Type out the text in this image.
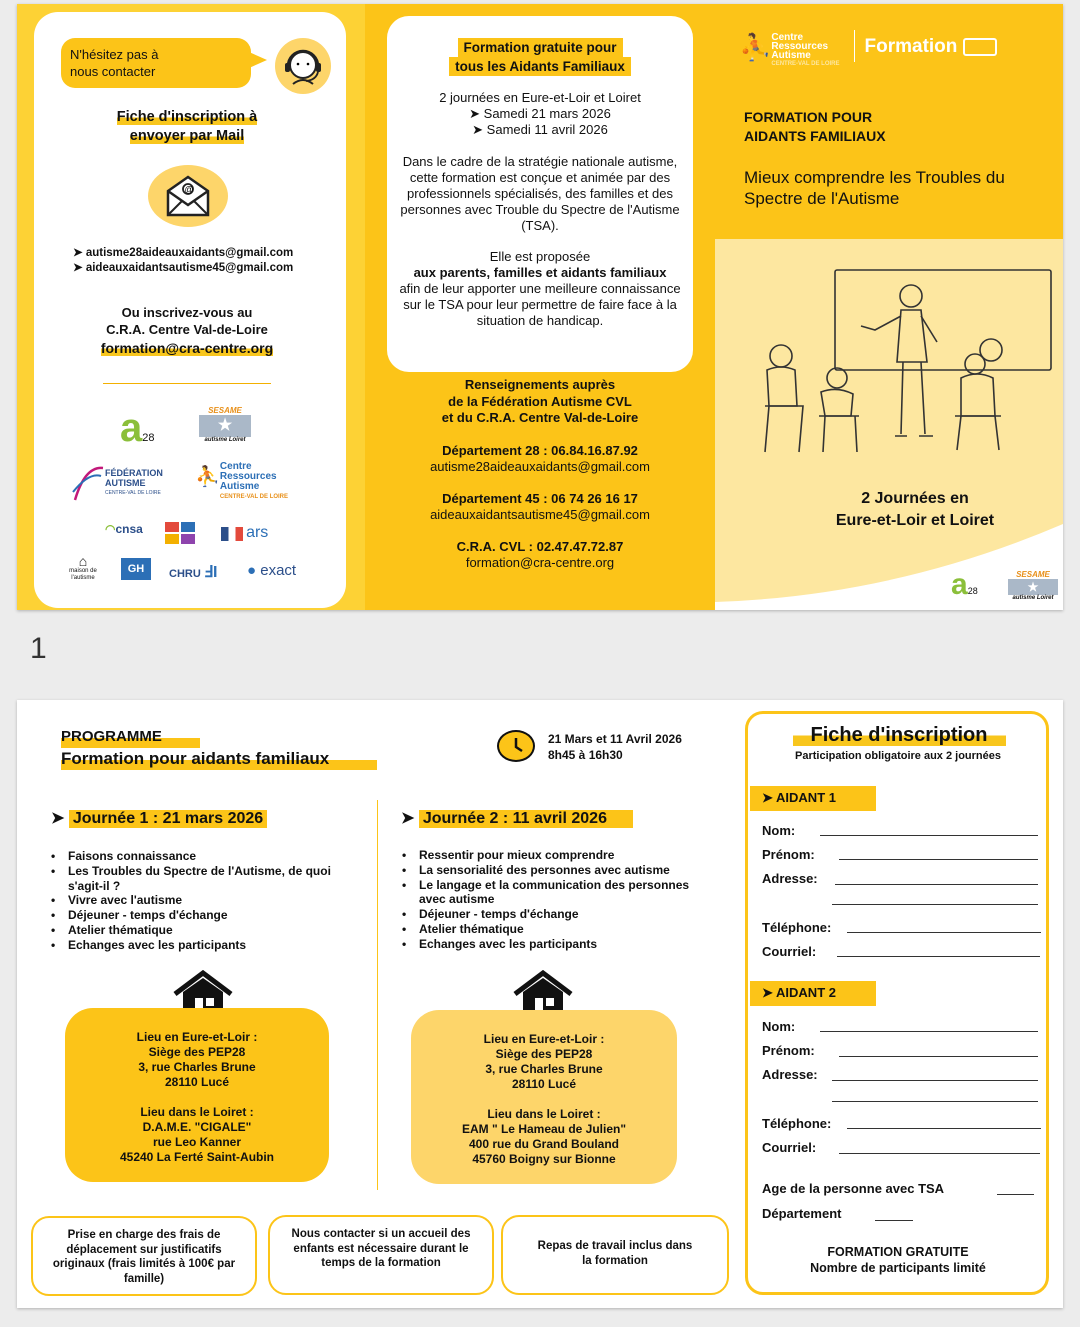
N'hésitez pas à nous contacter
Fiche d'inscription à
envoyer par Mail
@
➤ autisme28aideauxaidants@gmail.com
➤ aideauxaidantsautisme45@gmail.com
Ou inscrivez-vous au
C.R.A. Centre Val-de-Loire
formation@cra-centre.org
a28
SESAME
★
autisme Loiret
FÉDÉRATION
AUTISME
CENTRE-VAL DE LOIRE
⛹ Centre
Ressources
Autisme
CENTRE-VAL DE LOIRE
◠cnsa	ars
⌂
maison de l'autisme
GH	CHRU ℲI ● exact
Formation gratuite pour
tous les Aidants Familiaux
2 journées en Eure-et-Loir et Loiret
➤ Samedi 21 mars 2026
➤ Samedi 11 avril 2026
Dans le cadre de la stratégie nationale autisme, cette formation est conçue et animée par des professionnels spécialisés, des familles et des personnes avec Trouble du Spectre de l'Autisme (TSA).
Elle est proposée
aux parents, familles et aidants familiaux
afin de leur apporter une meilleure connaissance sur le TSA pour leur permettre de faire face à la situation de handicap.
Renseignements auprès
de la Fédération Autisme CVL
et du C.R.A. Centre Val-de-Loire
Département 28 : 06.84.16.87.92
autisme28aideauxaidants@gmail.com
Département 45 : 06 74 26 16 17
aideauxaidantsautisme45@gmail.com
C.R.A. CVL : 02.47.47.72.87
formation@cra-centre.org
⛹ Centre
Ressources
Autisme
CENTRE-VAL DE LOIRE
Formation
FORMATION POUR
AIDANTS FAMILIAUX
Mieux comprendre les Troubles du Spectre de l'Autisme
2 Journées en
Eure-et-Loir et Loiret
a28
SESAME
★
autisme Loiret
1
PROGRAMME
Formation pour aidants familiaux
21 Mars et 11 Avril 2026
8h45 à 16h30
➤ Journée 1 : 21 mars 2026
• Faisons connaissance
• Les Troubles du Spectre de l'Autisme, de quoi s'agit-il ?
• Vivre avec l'autisme
• Déjeuner - temps d'échange
• Atelier thématique
• Echanges avec les participants
➤ Journée 2 : 11 avril 2026
• Ressentir pour mieux comprendre
• La sensorialité des personnes avec autisme
• Le langage et la communication des personnes avec autisme
• Déjeuner - temps d'échange
• Atelier thématique
• Echanges avec les participants
Lieu en Eure-et-Loir :
Siège des PEP28
3, rue Charles Brune
28110 Lucé
Lieu dans le Loiret :
D.A.M.E. "CIGALE"
rue Leo Kanner
45240 La Ferté Saint-Aubin
Lieu en Eure-et-Loir :
Siège des PEP28
3, rue Charles Brune
28110 Lucé
Lieu dans le Loiret :
EAM " Le Hameau de Julien"
400 rue du Grand Bouland
45760 Boigny sur Bionne
Prise en charge des frais de déplacement sur justificatifs originaux (frais limités à 100€ par famille)
Nous contacter si un accueil des enfants est nécessaire durant le temps de la formation
Repas de travail inclus dans la formation
Fiche d'inscription
Participation obligatoire aux 2 journées
➤ AIDANT 1
Nom:
Prénom:
Adresse:
Téléphone:
Courriel:
➤ AIDANT 2
Nom:
Prénom:
Adresse:
Téléphone:
Courriel:
Age de la personne avec TSA
Département
FORMATION GRATUITE
Nombre de participants limité
